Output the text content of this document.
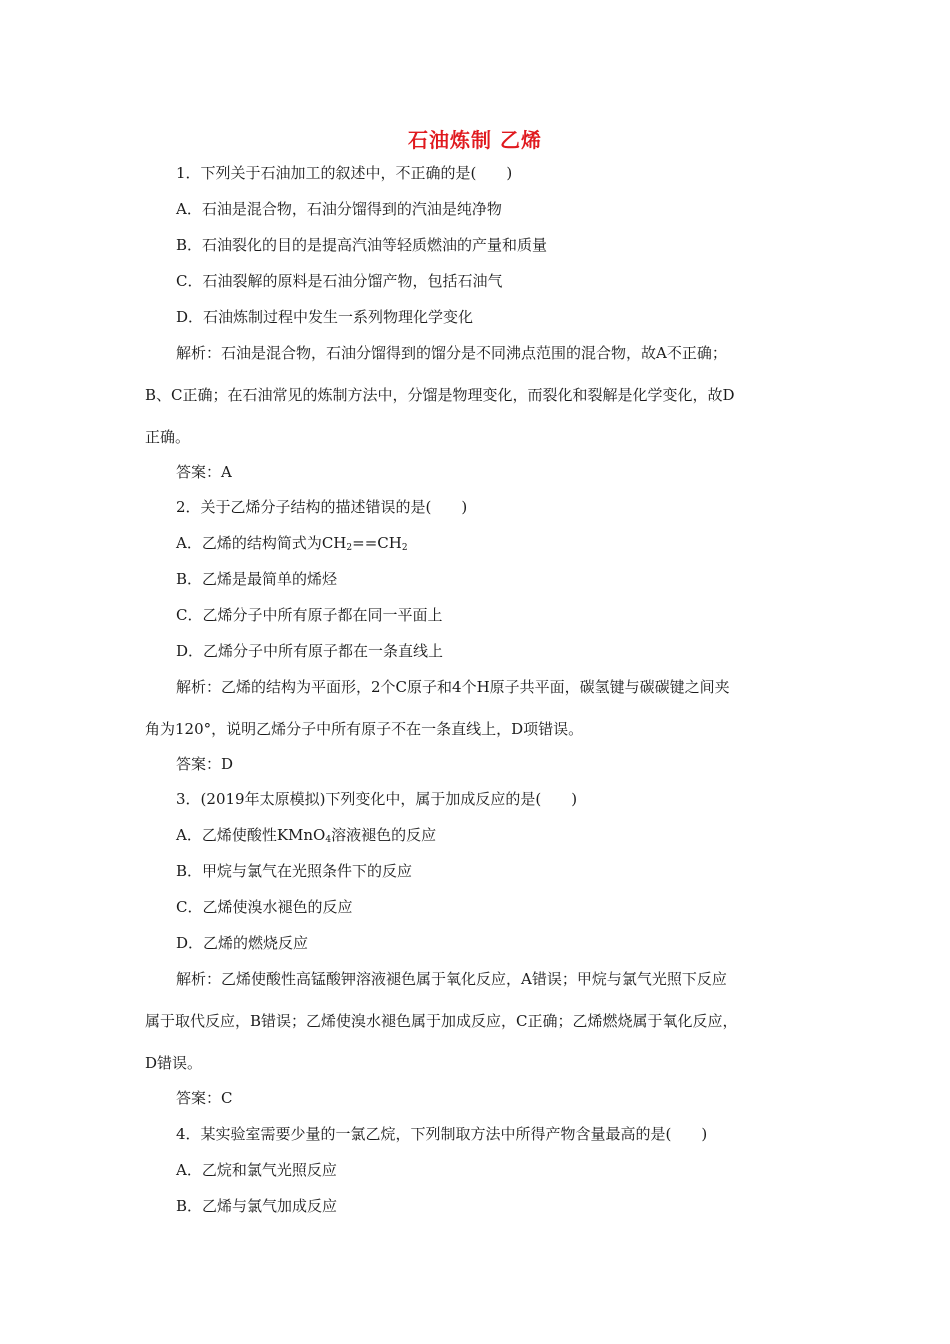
石油炼制 乙烯
1．下列关于石油加工的叙述中，不正确的是(　　)
A．石油是混合物，石油分馏得到的汽油是纯净物
B．石油裂化的目的是提高汽油等轻质燃油的产量和质量
C．石油裂解的原料是石油分馏产物，包括石油气
D．石油炼制过程中发生一系列物理化学变化
解析：石油是混合物，石油分馏得到的馏分是不同沸点范围的混合物，故A不正确；
B、C正确；在石油常见的炼制方法中，分馏是物理变化，而裂化和裂解是化学变化，故D
正确。
答案：A
2．关于乙烯分子结构的描述错误的是(　　)
A．乙烯的结构简式为$CH_2==CH_2$
B．乙烯是最简单的烯烃
C．乙烯分子中所有原子都在同一平面上
D．乙烯分子中所有原子都在一条直线上
解析：乙烯的结构为平面形，2个C原子和4个H原子共平面，碳氢键与碳碳键之间夹
角为120°，说明乙烯分子中所有原子不在一条直线上，D项错误。
答案：D
3．(2019年太原模拟)下列变化中，属于加成反应的是(　　)
A．乙烯使酸性KMnO$_4$溶液褪色的反应
B．甲烷与氯气在光照条件下的反应
C．乙烯使溴水褪色的反应
D．乙烯的燃烧反应
解析：乙烯使酸性高锰酸钾溶液褪色属于氧化反应，A错误；甲烷与氯气光照下反应
属于取代反应，B错误；乙烯使溴水褪色属于加成反应，C正确；乙烯燃烧属于氧化反应，
D错误。
答案：C
4．某实验室需要少量的一氯乙烷，下列制取方法中所得产物含量最高的是(　　)
A．乙烷和氯气光照反应
B．乙烯与氯气加成反应
